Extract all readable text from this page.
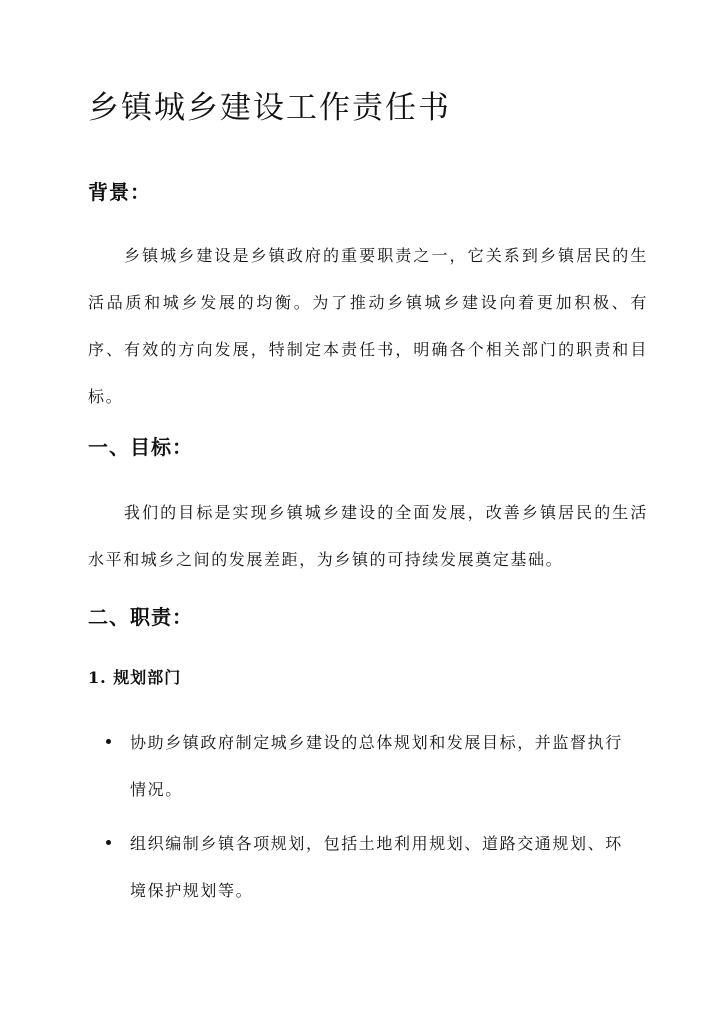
乡镇城乡建设工作责任书
背景：

乡镇城乡建设是乡镇政府的重要职责之一，它关系到乡镇居民的生活品质和城乡发展的均衡。为了推动乡镇城乡建设向着更加积极、有序、有效的方向发展，特制定本责任书，明确各个相关部门的职责和目标。

一、目标：

我们的目标是实现乡镇城乡建设的全面发展，改善乡镇居民的生活水平和城乡之间的发展差距，为乡镇的可持续发展奠定基础。

二、职责：
1. 规划部门
协助乡镇政府制定城乡建设的总体规划和发展目标，并监督执行情况。
组织编制乡镇各项规划，包括土地利用规划、道路交通规划、环境保护规划等。
